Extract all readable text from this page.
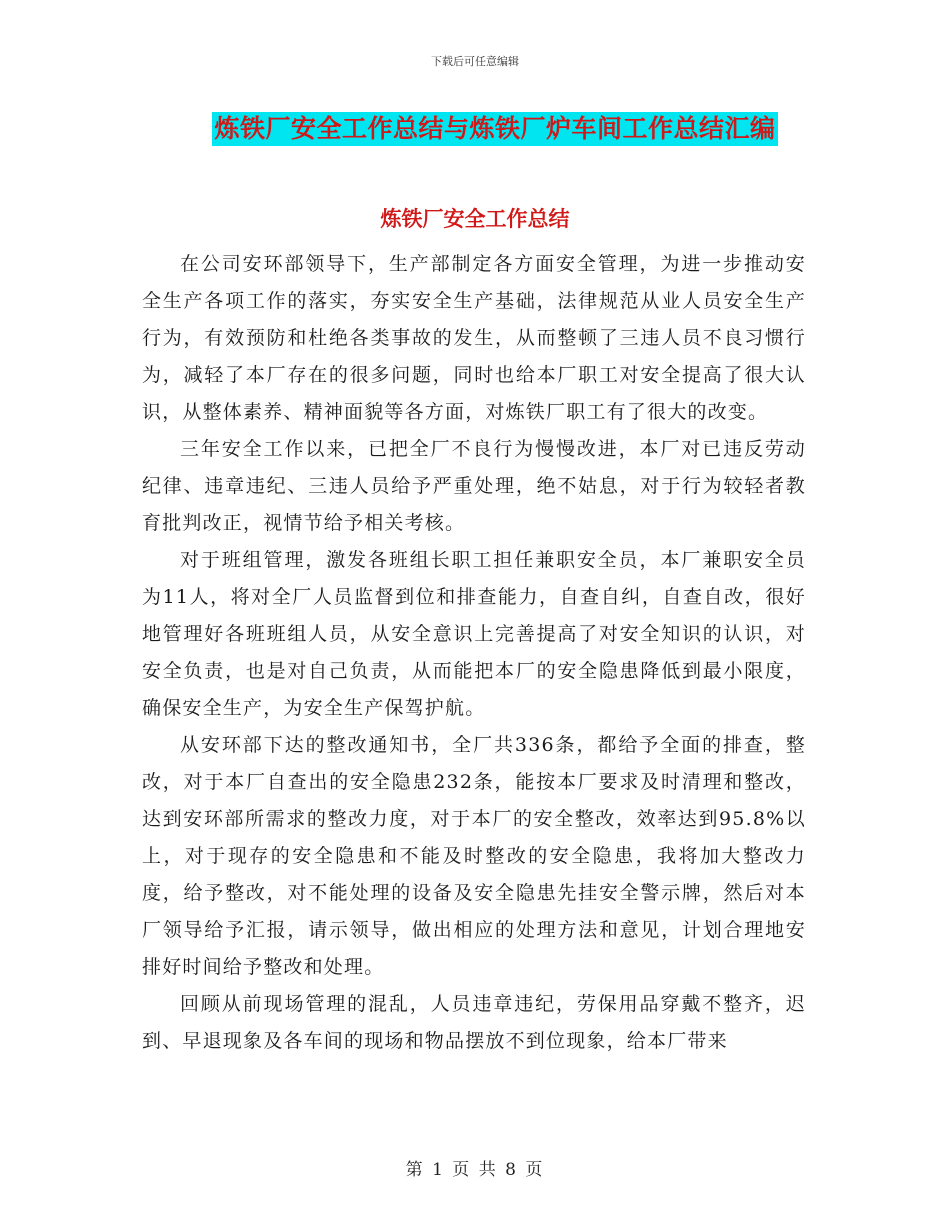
下载后可任意编辑
炼铁厂安全工作总结与炼铁厂炉车间工作总结汇编
炼铁厂安全工作总结

在公司安环部领导下，生产部制定各方面安全管理，为进一步推动安全生产各项工作的落实，夯实安全生产基础，法律规范从业人员安全生产行为，有效预防和杜绝各类事故的发生，从而整顿了三违人员不良习惯行为，减轻了本厂存在的很多问题，同时也给本厂职工对安全提高了很大认识，从整体素养、精神面貌等各方面，对炼铁厂职工有了很大的改变。

三年安全工作以来，已把全厂不良行为慢慢改进，本厂对已违反劳动纪律、违章违纪、三违人员给予严重处理，绝不姑息，对于行为较轻者教育批判改正，视情节给予相关考核。

对于班组管理，激发各班组长职工担任兼职安全员，本厂兼职安全员为11人，将对全厂人员监督到位和排查能力，自查自纠，自查自改，很好地管理好各班班组人员，从安全意识上完善提高了对安全知识的认识，对安全负责，也是对自己负责，从而能把本厂的安全隐患降低到最小限度，确保安全生产，为安全生产保驾护航。

从安环部下达的整改通知书，全厂共336条，都给予全面的排查，整改，对于本厂自查出的安全隐患232条，能按本厂要求及时清理和整改，达到安环部所需求的整改力度，对于本厂的安全整改，效率达到95.8%以上，对于现存的安全隐患和不能及时整改的安全隐患，我将加大整改力度，给予整改，对不能处理的设备及安全隐患先挂安全警示牌，然后对本厂领导给予汇报，请示领导，做出相应的处理方法和意见，计划合理地安排好时间给予整改和处理。

回顾从前现场管理的混乱，人员违章违纪，劳保用品穿戴不整齐，迟到、早退现象及各车间的现场和物品摆放不到位现象，给本厂带来

第 1 页 共 8 页
